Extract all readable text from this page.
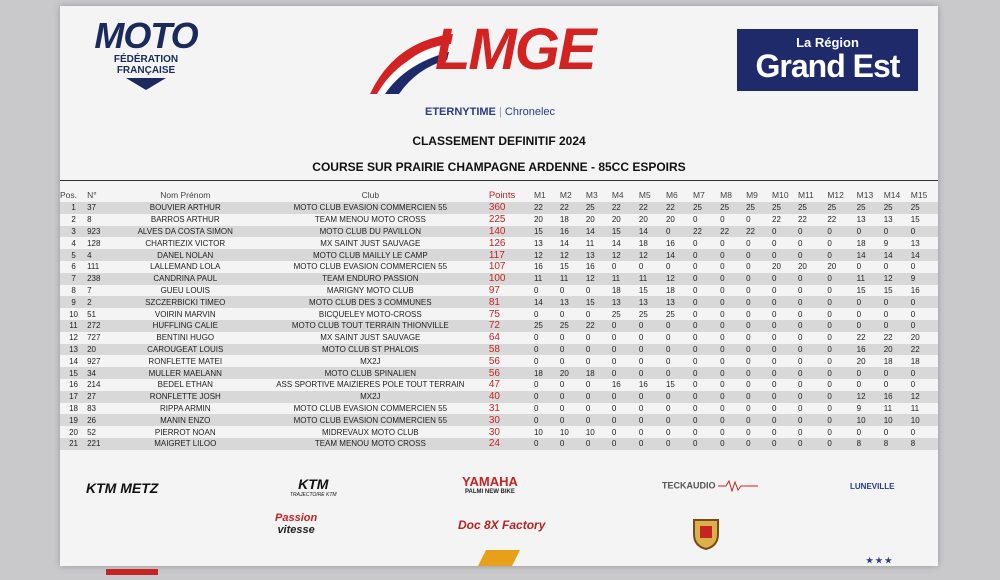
MOTO
FÉDÉRATION
FRANÇAISE	LMGE
ETERNYTIME | Chronelec
La Région
Grand Est
CLASSEMENT DEFINITIF 2024
COURSE SUR PRAIRIE CHAMPAGNE ARDENNE - 85CC ESPOIRS
Pos.	N°	Nom Prénom	Club	Points	M1	M2	M3	M4	M5	M6	M7	M8	M9	M10	M11	M12	M13	M14	M15
1	37	BOUVIER ARTHUR	MOTO CLUB EVASION COMMERCIEN 55	360	22	22	25	22	22	22	25	25	25	25	25	25	25	25	25
2	8	BARROS ARTHUR	TEAM MENOU MOTO CROSS	225	20	18	20	20	20	20	0	0	0	22	22	22	13	13	15
3	923	ALVES DA COSTA SIMON	MOTO CLUB DU PAVILLON	140	15	16	14	15	14	0	22	22	22	0	0	0	0	0	0
4	128	CHARTIEZIX VICTOR	MX SAINT JUST SAUVAGE	126	13	14	11	14	18	16	0	0	0	0	0	0	18	9	13
5	4	DANEL NOLAN	MOTO CLUB MAILLY LE CAMP	117	12	12	13	12	12	14	0	0	0	0	0	0	14	14	14
6	111	LALLEMAND LOLA	MOTO CLUB EVASION COMMERCIEN 55	107	16	15	16	0	0	0	0	0	0	20	20	20	0	0	0
7	238	CANDRINA PAUL	TEAM ENDURO PASSION	100	11	11	12	11	11	12	0	0	0	0	0	0	11	12	9
8	7	GUEU LOUIS	MARIGNY MOTO CLUB	97	0	0	0	18	15	18	0	0	0	0	0	0	15	15	16
9	2	SZCZERBICKI TIMEO	MOTO CLUB DES 3 COMMUNES	81	14	13	15	13	13	13	0	0	0	0	0	0	0	0	0
10	51	VOIRIN MARVIN	BICQUELEY MOTO-CROSS	75	0	0	0	25	25	25	0	0	0	0	0	0	0	0	0
11	272	HUFFLING CALIE	MOTO CLUB TOUT TERRAIN THIONVILLE	72	25	25	22	0	0	0	0	0	0	0	0	0	0	0	0
12	727	BENTINI HUGO	MX SAINT JUST SAUVAGE	64	0	0	0	0	0	0	0	0	0	0	0	0	22	22	20
13	20	CAROUGEAT LOUIS	MOTO CLUB ST PHALOIS	58	0	0	0	0	0	0	0	0	0	0	0	0	16	20	22
14	927	RONFLETTE MATEI	MX2J	56	0	0	0	0	0	0	0	0	0	0	0	0	20	18	18
15	34	MULLER MAELANN	MOTO CLUB SPINALIEN	56	18	20	18	0	0	0	0	0	0	0	0	0	0	0	0
16	214	BEDEL ETHAN	ASS SPORTIVE MAIZIERES POLE TOUT TERRAIN	47	0	0	0	16	16	15	0	0	0	0	0	0	0	0	0
17	27	RONFLETTE JOSH	MX2J	40	0	0	0	0	0	0	0	0	0	0	0	0	12	16	12
18	83	RIPPA ARMIN	MOTO CLUB EVASION COMMERCIEN 55	31	0	0	0	0	0	0	0	0	0	0	0	0	9	11	11
19	26	MANIN ENZO	MOTO CLUB EVASION COMMERCIEN 55	30	0	0	0	0	0	0	0	0	0	0	0	0	10	10	10
20	52	PIERROT NOAN	MIDREVAUX MOTO CLUB	30	10	10	10	0	0	0	0	0	0	0	0	0	0	0	0
21	221	MAIGRET LILOO	TEAM MENOU MOTO CROSS	24	0	0	0	0	0	0	0	0	0	0	0	0	8	8	8
KTM METZ	KTM
TRAJECTOIRE KTM
YAMAHA
PALMI NEW BIKE
TECKAUDIO	LUNEVILLE
Passion
vitesse	Doc 8X Factory
★ ★ ★
